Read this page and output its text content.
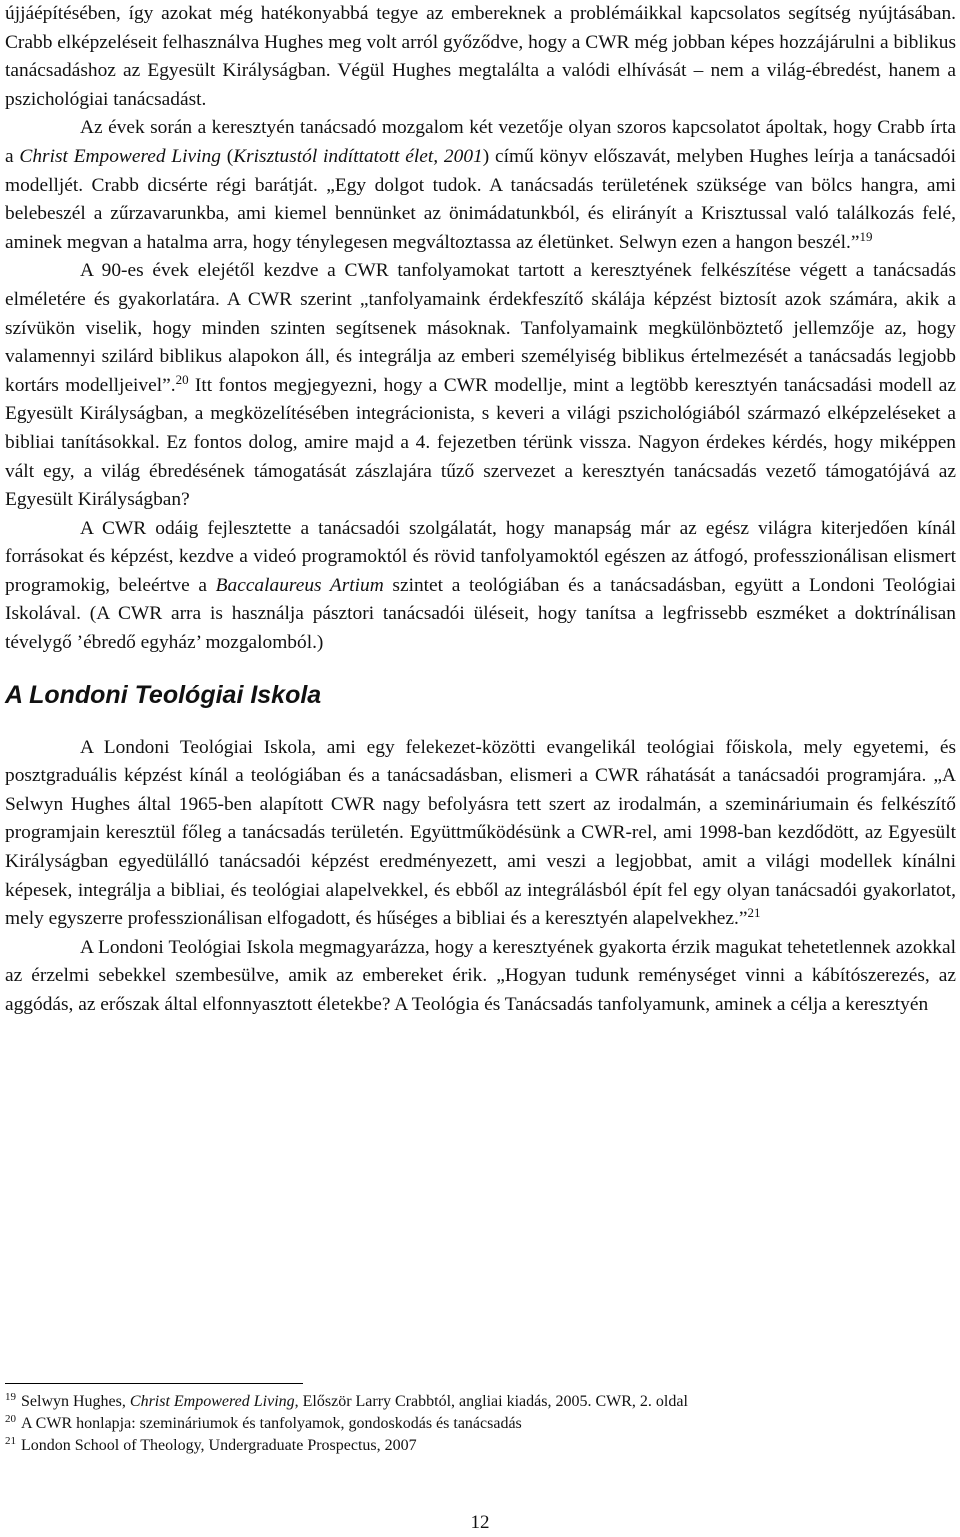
újjáépítésében, így azokat még hatékonyabbá tegye az embereknek a problémáikkal kapcsolatos segítség nyújtásában. Crabb elképzeléseit felhasználva Hughes meg volt arról győződve, hogy a CWR még jobban képes hozzájárulni a biblikus tanácsadáshoz az Egyesült Királyságban. Végül Hughes megtalálta a valódi elhívását – nem a világ-ébredést, hanem a pszichológiai tanácsadást.

Az évek során a keresztyén tanácsadó mozgalom két vezetője olyan szoros kapcsolatot ápoltak, hogy Crabb írta a Christ Empowered Living (Krisztustól indíttatott élet, 2001) című könyv előszavát, melyben Hughes leírja a tanácsadói modelljét. Crabb dicsérte régi barátját. „Egy dolgot tudok. A tanácsadás területének szüksége van bölcs hangra, ami belebeszél a zűrzavarunkba, ami kiemel bennünket az önimádatunkból, és elirányít a Krisztussal való találkozás felé, aminek megvan a hatalma arra, hogy ténylegesen megváltoztassa az életünket. Selwyn ezen a hangon beszél.”$^{19}$

A 90-es évek elejétől kezdve a CWR tanfolyamokat tartott a keresztyének felkészítése végett a tanácsadás elméletére és gyakorlatára. A CWR szerint „tanfolyamaink érdekfeszítő skálája képzést biztosít azok számára, akik a szívükön viselik, hogy minden szinten segítsenek másoknak. Tanfolyamaink megkülönböztető jellemzője az, hogy valamennyi szilárd biblikus alapokon áll, és integrálja az emberi személyiség biblikus értelmezését a tanácsadás legjobb kortárs modelljeivel”.$^{20}$ Itt fontos megjegyezni, hogy a CWR modellje, mint a legtöbb keresztyén tanácsadási modell az Egyesült Királyságban, a megközelítésében integrácionista, s keveri a világi pszichológiából származó elképzeléseket a bibliai tanításokkal. Ez fontos dolog, amire majd a 4. fejezetben térünk vissza. Nagyon érdekes kérdés, hogy miképpen vált egy, a világ ébredésének támogatását zászlajára tűző szervezet a keresztyén tanácsadás vezető támogatójává az Egyesült Királyságban?

A CWR odáig fejlesztette a tanácsadói szolgálatát, hogy manapság már az egész világra kiterjedően kínál forrásokat és képzést, kezdve a videó programoktól és rövid tanfolyamoktól egészen az átfogó, professzionálisan elismert programokig, beleértve a Baccalaureus Artium szintet a teológiában és a tanácsadásban, együtt a Londoni Teológiai Iskolával. (A CWR arra is használja pásztori tanácsadói üléseit, hogy tanítsa a legfrissebb eszméket a doktrínálisan tévelygő ’ébredő egyház’ mozgalomból.)

A Londoni Teológiai Iskola

A Londoni Teológiai Iskola, ami egy felekezet-közötti evangelikál teológiai főiskola, mely egyetemi, és posztgraduális képzést kínál a teológiában és a tanácsadásban, elismeri a CWR ráhatását a tanácsadói programjára. „A Selwyn Hughes által 1965-ben alapított CWR nagy befolyásra tett szert az irodalmán, a szemináriumain és felkészítő programjain keresztül főleg a tanácsadás területén. Együttműködésünk a CWR-rel, ami 1998-ban kezdődött, az Egyesült Királyságban egyedülálló tanácsadói képzést eredményezett, ami veszi a legjobbat, amit a világi modellek kínálni képesek, integrálja a bibliai, és teológiai alapelvekkel, és ebből az integrálásból épít fel egy olyan tanácsadói gyakorlatot, mely egyszerre professzionálisan elfogadott, és hűséges a bibliai és a keresztyén alapelvekhez.”$^{21}$

A Londoni Teológiai Iskola megmagyarázza, hogy a keresztyének gyakorta érzik magukat tehetetlennek azokkal az érzelmi sebekkel szembesülve, amik az embereket érik. „Hogyan tudunk reménységet vinni a kábítószerezés, az aggódás, az erőszak által elfonnyasztott életekbe? A Teológia és Tanácsadás tanfolyamunk, aminek a célja a keresztyén

$^{19}$ Selwyn Hughes, Christ Empowered Living, Először Larry Crabbtól, angliai kiadás, 2005. CWR, 2. oldal

$^{20}$ A CWR honlapja: szemináriumok és tanfolyamok, gondoskodás és tanácsadás

$^{21}$ London School of Theology, Undergraduate Prospectus, 2007

12
